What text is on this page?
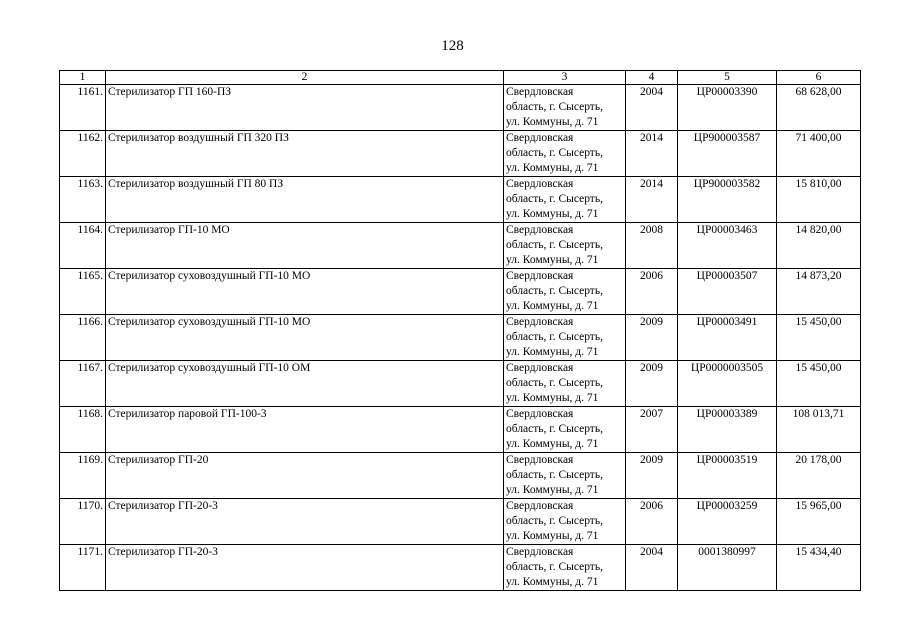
128
1	2	3	4	5	6
1161.	Стерилизатор ГП 160-ПЗ	Свердловская
область, г. Сысерть,
ул. Коммуны, д. 71	2004	ЦР00003390	68 628,00
1162.	Стерилизатор воздушный ГП 320 ПЗ	Свердловская
область, г. Сысерть,
ул. Коммуны, д. 71	2014	ЦР900003587	71 400,00
1163.	Стерилизатор воздушный ГП 80 ПЗ	Свердловская
область, г. Сысерть,
ул. Коммуны, д. 71	2014	ЦР900003582	15 810,00
1164.	Стерилизатор ГП-10 МО	Свердловская
область, г. Сысерть,
ул. Коммуны, д. 71	2008	ЦР00003463	14 820,00
1165.	Стерилизатор суховоздушный ГП-10 МО	Свердловская
область, г. Сысерть,
ул. Коммуны, д. 71	2006	ЦР00003507	14 873,20
1166.	Стерилизатор суховоздушный ГП-10 МО	Свердловская
область, г. Сысерть,
ул. Коммуны, д. 71	2009	ЦР00003491	15 450,00
1167.	Стерилизатор суховоздушный ГП-10 ОМ	Свердловская
область, г. Сысерть,
ул. Коммуны, д. 71	2009	ЦР0000003505	15 450,00
1168.	Стерилизатор паровой ГП-100-3	Свердловская
область, г. Сысерть,
ул. Коммуны, д. 71	2007	ЦР00003389	108 013,71
1169.	Стерилизатор ГП-20	Свердловская
область, г. Сысерть,
ул. Коммуны, д. 71	2009	ЦР00003519	20 178,00
1170.	Стерилизатор ГП-20-3	Свердловская
область, г. Сысерть,
ул. Коммуны, д. 71	2006	ЦР00003259	15 965,00
1171.	Стерилизатор ГП-20-3	Свердловская
область, г. Сысерть,
ул. Коммуны, д. 71	2004	0001380997	15 434,40
